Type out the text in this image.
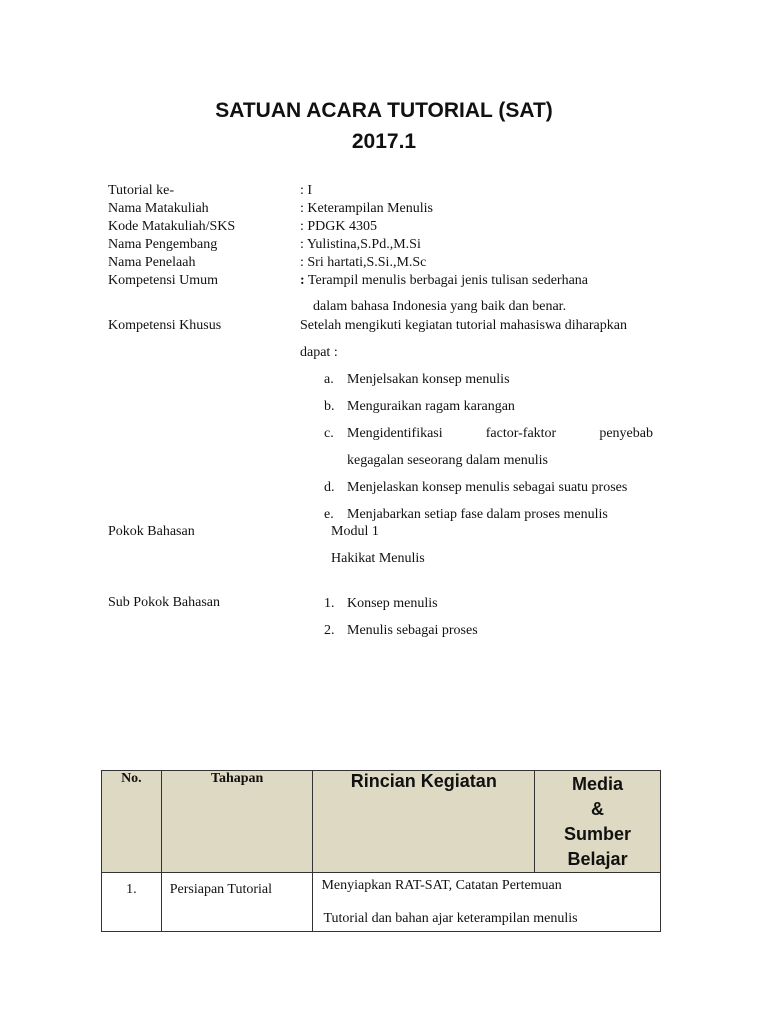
SATUAN ACARA TUTORIAL (SAT)
2017.1
Tutorial ke-	: I
Nama Matakuliah	: Keterampilan Menulis
Kode Matakuliah/SKS	: PDGK 4305
Nama Pengembang	: Yulistina,S.Pd.,M.Si
Nama Penelaah	: Sri hartati,S.Si.,M.Sc
Kompetensi Umum	: Terampil menulis berbagai jenis tulisan sederhana
dalam bahasa Indonesia yang baik dan benar.
Kompetensi Khusus	Setelah mengikuti kegiatan tutorial mahasiswa diharapkan
dapat :
a. Menjelsakan konsep menulis
b. Menguraikan ragam karangan
c. Mengidentifikasi	factor-faktor	penyebab
kegagalan seseorang dalam menulis
d. Menjelaskan konsep menulis sebagai suatu proses
e. Menjabarkan setiap fase dalam proses menulis
Pokok Bahasan	Modul 1
Hakikat Menulis
Sub Pokok Bahasan	1. Konsep menulis
2. Menulis sebagai proses
No.	Tahapan	Rincian Kegiatan	Media
&
Sumber
Belajar

1.	Persiapan Tutorial	Menyiapkan RAT-SAT, Catatan Pertemuan
Tutorial dan bahan ajar keterampilan menulis	
